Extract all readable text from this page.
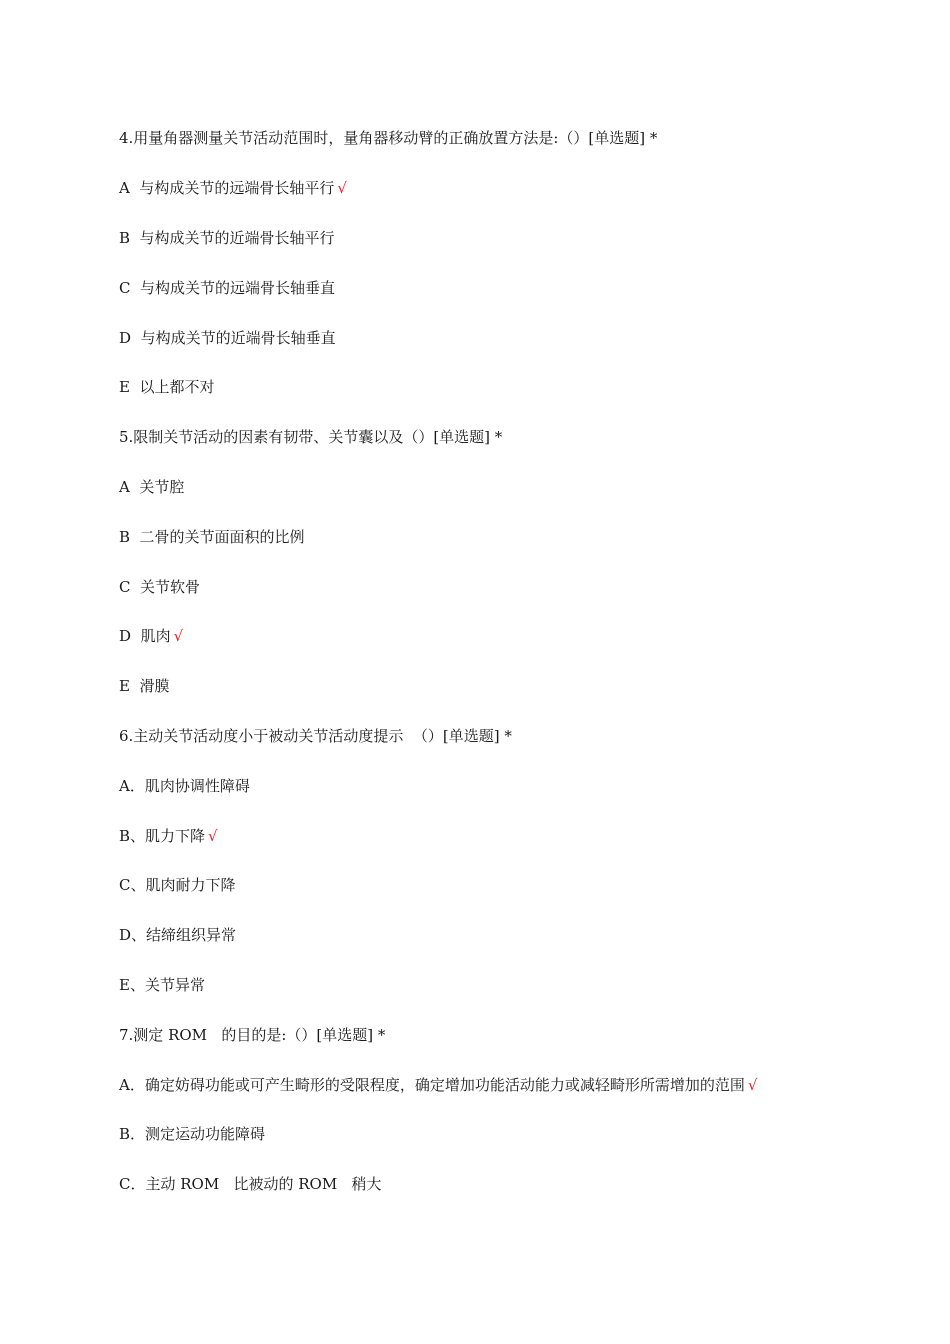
4.用量角器测量关节活动范围时，量角器移动臂的正确放置方法是:（）[单选题] *
A  与构成关节的远端骨长轴平行 √
B  与构成关节的近端骨长轴平行
C  与构成关节的远端骨长轴垂直
D  与构成关节的近端骨长轴垂直
E  以上都不对
5.限制关节活动的因素有韧带、关节囊以及（）[单选题] *
A  关节腔
B  二骨的关节面面积的比例
C  关节软骨
D  肌肉 √
E  滑膜
6.主动关节活动度小于被动关节活动度提示  （）[单选题] *
A．肌肉协调性障碍
B、肌力下降 √
C、肌肉耐力下降
D、结缔组织异常
E、关节异常
7.测定 ROM   的目的是:（）[单选题] *
A．确定妨碍功能或可产生畸形的受限程度，确定增加功能活动能力或减轻畸形所需增加的范围 √
B．测定运动功能障碍
C．主动 ROM   比被动的 ROM   稍大
